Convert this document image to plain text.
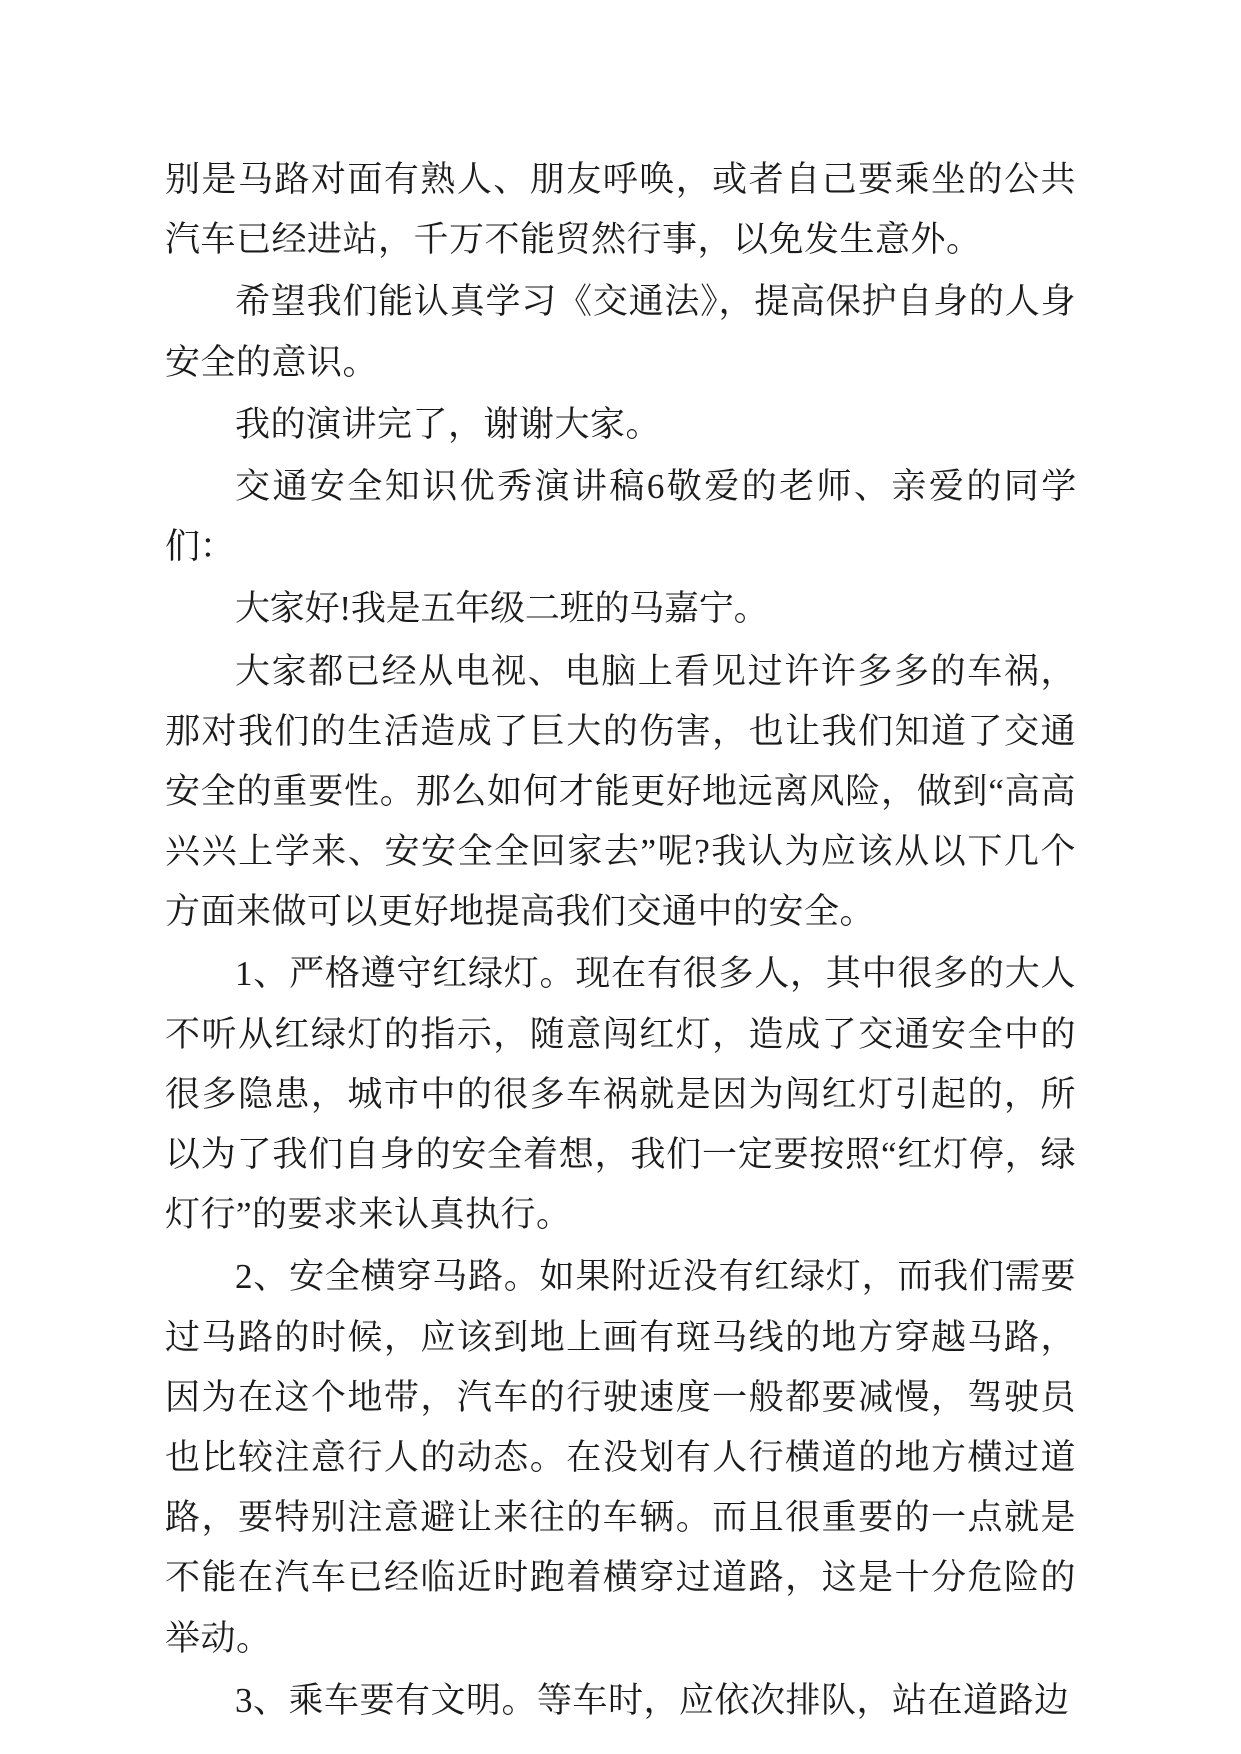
别是马路对面有熟人、朋友呼唤，或者自己要乘坐的公共汽车已经进站，千万不能贸然行事，以免发生意外。

希望我们能认真学习《交通法》，提高保护自身的人身安全的意识。

我的演讲完了，谢谢大家。

交通安全知识优秀演讲稿6敬爱的老师、亲爱的同学们：

大家好!我是五年级二班的马嘉宁。

大家都已经从电视、电脑上看见过许许多多的车祸，那对我们的生活造成了巨大的伤害，也让我们知道了交通安全的重要性。那么如何才能更好地远离风险，做到“高高兴兴上学来、安安全全回家去”呢?我认为应该从以下几个方面来做可以更好地提高我们交通中的安全。

1、严格遵守红绿灯。现在有很多人，其中很多的大人不听从红绿灯的指示，随意闯红灯，造成了交通安全中的很多隐患，城市中的很多车祸就是因为闯红灯引起的，所以为了我们自身的安全着想，我们一定要按照“红灯停，绿灯行”的要求来认真执行。

2、安全横穿马路。如果附近没有红绿灯，而我们需要过马路的时候，应该到地上画有斑马线的地方穿越马路，因为在这个地带，汽车的行驶速度一般都要减慢，驾驶员也比较注意行人的动态。在没划有人行横道的地方横过道路，要特别注意避让来往的车辆。而且很重要的一点就是不能在汽车已经临近时跑着横穿过道路，这是十分危险的举动。

3、乘车要有文明。等车时，应依次排队，站在道路边
